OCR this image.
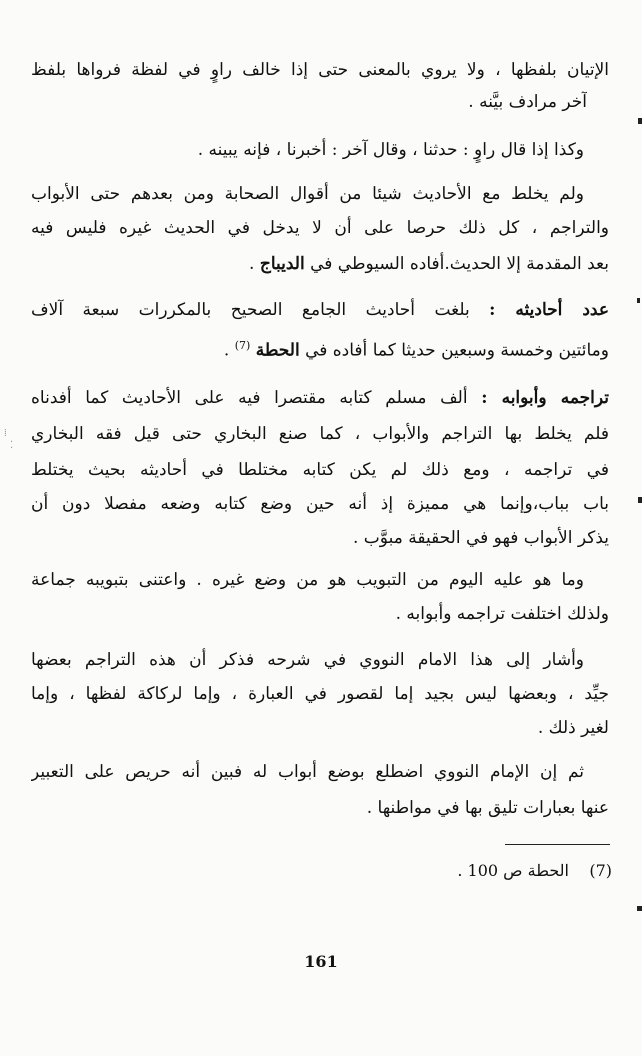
الإتيان بلفظها ، ولا يروي بالمعنى حتى إذا خالف راوٍ في لفظة فرواها بلفظ
آخر مرادف بيَّنه .
وكذا إذا قال راوٍ : حدثنا ، وقال آخر : أخبرنا ، فإنه يبينه .
ولم يخلط مع الأحاديث شيئا من أقوال الصحابة ومن بعدهم حتى الأبواب
والتراجم ، كل ذلك حرصا على أن لا يدخل في الحديث غيره فليس فيه
بعد المقدمة إلا الحديث.أفاده السيوطي في الديباج .
عدد أحاديثه : بلغت أحاديث الجامع الصحيح بالمكررات سبعة آلاف
ومائتين وخمسة وسبعين حديثا كما أفاده في الحطة $^{(7)}$ .
تراجمه وأبوابه : ألف مسلم كتابه مقتصرا فيه على الأحاديث كما أفدناه
فلم يخلط بها التراجم والأبواب ، كما صنع البخاري حتى قيل فقه البخاري
في تراجمه ، ومع ذلك لم يكن كتابه مختلطا في أحاديثه بحيث يختلط
باب بباب،وإنما هي مميزة إذ أنه حين وضع كتابه وضعه مفصلا دون أن
يذكر الأبواب فهو في الحقيقة مبوَّب .
وما هو عليه اليوم من التبويب هو من وضع غيره . واعتنى بتبويبه جماعة
ولذلك اختلفت تراجمه وأبوابه .
وأشار إلى هذا الامام النووي في شرحه فذكر أن هذه التراجم بعضها
جيِّد ، وبعضها ليس بجيد إما لقصور في العبارة ، وإما لركاكة لفظها ، وإما
لغير ذلك .
ثم إن الإمام النووي اضطلع بوضع أبواب له فبين أنه حريص على التعبير
عنها بعبارات تليق بها في مواطنها .
(7)    الحطة ص 100 .
161
⁞
⁚
